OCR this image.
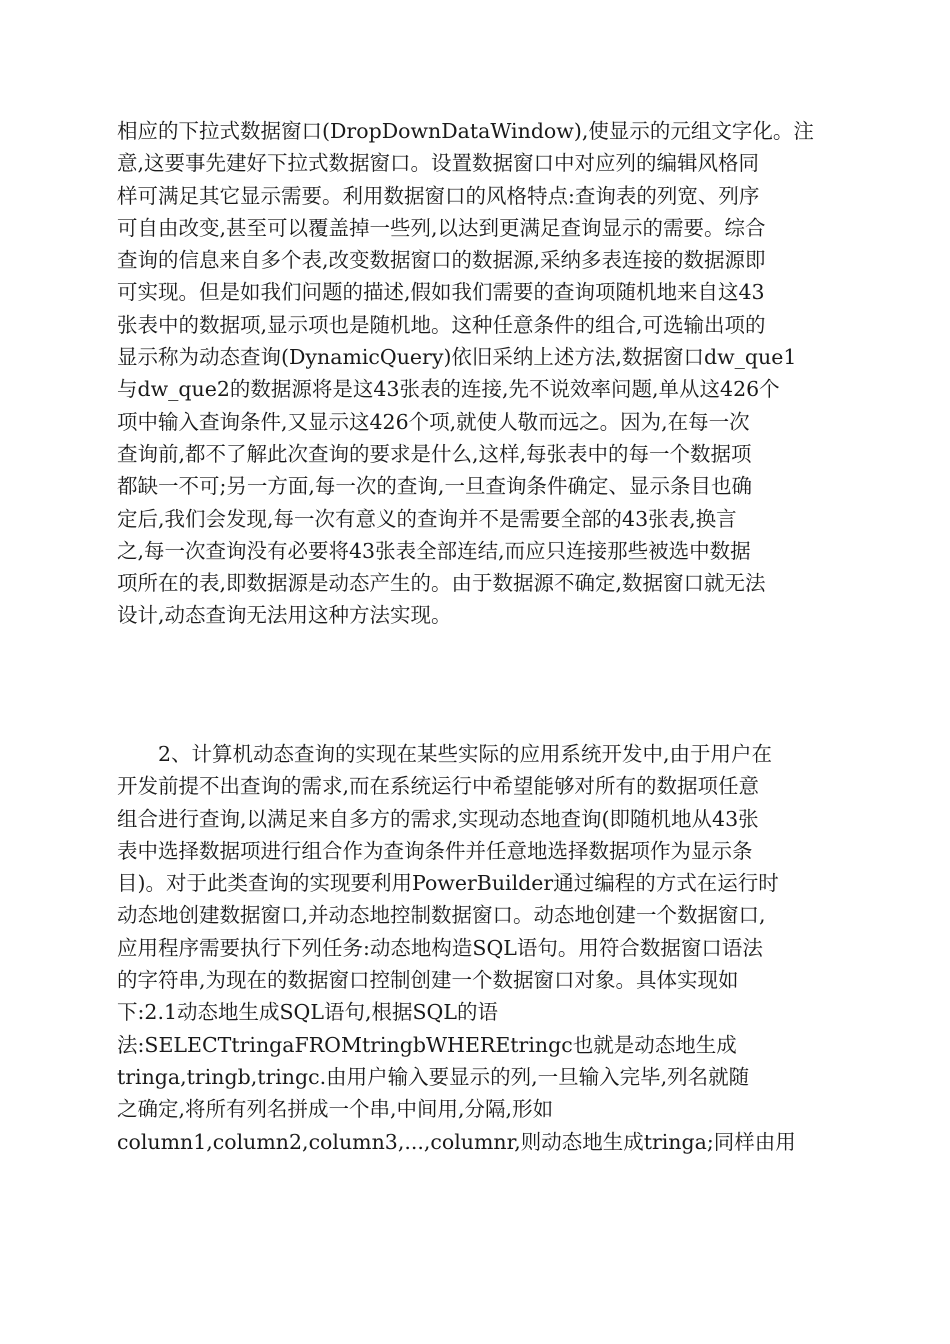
相应的下拉式数据窗口(DropDownDataWindow),使显示的元组文字化。注
意,这要事先建好下拉式数据窗口。设置数据窗口中对应列的编辑风格同
样可满足其它显示需要。利用数据窗口的风格特点:查询表的列宽、列序
可自由改变,甚至可以覆盖掉一些列,以达到更满足查询显示的需要。综合
查询的信息来自多个表,改变数据窗口的数据源,采纳多表连接的数据源即
可实现。但是如我们问题的描述,假如我们需要的查询项随机地来自这43
张表中的数据项,显示项也是随机地。这种任意条件的组合,可选输出项的
显示称为动态查询(DynamicQuery)依旧采纳上述方法,数据窗口dw_que1
与dw_que2的数据源将是这43张表的连接,先不说效率问题,单从这426个
项中输入查询条件,又显示这426个项,就使人敬而远之。因为,在每一次
查询前,都不了解此次查询的要求是什么,这样,每张表中的每一个数据项
都缺一不可;另一方面,每一次的查询,一旦查询条件确定、显示条目也确
定后,我们会发现,每一次有意义的查询并不是需要全部的43张表,换言
之,每一次查询没有必要将43张表全部连结,而应只连接那些被选中数据
项所在的表,即数据源是动态产生的。由于数据源不确定,数据窗口就无法
设计,动态查询无法用这种方法实现。
2、计算机动态查询的实现在某些实际的应用系统开发中,由于用户在
开发前提不出查询的需求,而在系统运行中希望能够对所有的数据项任意
组合进行查询,以满足来自多方的需求,实现动态地查询(即随机地从43张
表中选择数据项进行组合作为查询条件并任意地选择数据项作为显示条
目)。对于此类查询的实现要利用PowerBuilder通过编程的方式在运行时
动态地创建数据窗口,并动态地控制数据窗口。动态地创建一个数据窗口,
应用程序需要执行下列任务:动态地构造SQL语句。用符合数据窗口语法
的字符串,为现在的数据窗口控制创建一个数据窗口对象。具体实现如
下:2.1动态地生成SQL语句,根据SQL的语
法:SELECTtringaFROMtringbWHEREtringc也就是动态地生成
tringa,tringb,tringc.由用户输入要显示的列,一旦输入完毕,列名就随
之确定,将所有列名拼成一个串,中间用,分隔,形如
column1,column2,column3,...,columnr,则动态地生成tringa;同样由用
